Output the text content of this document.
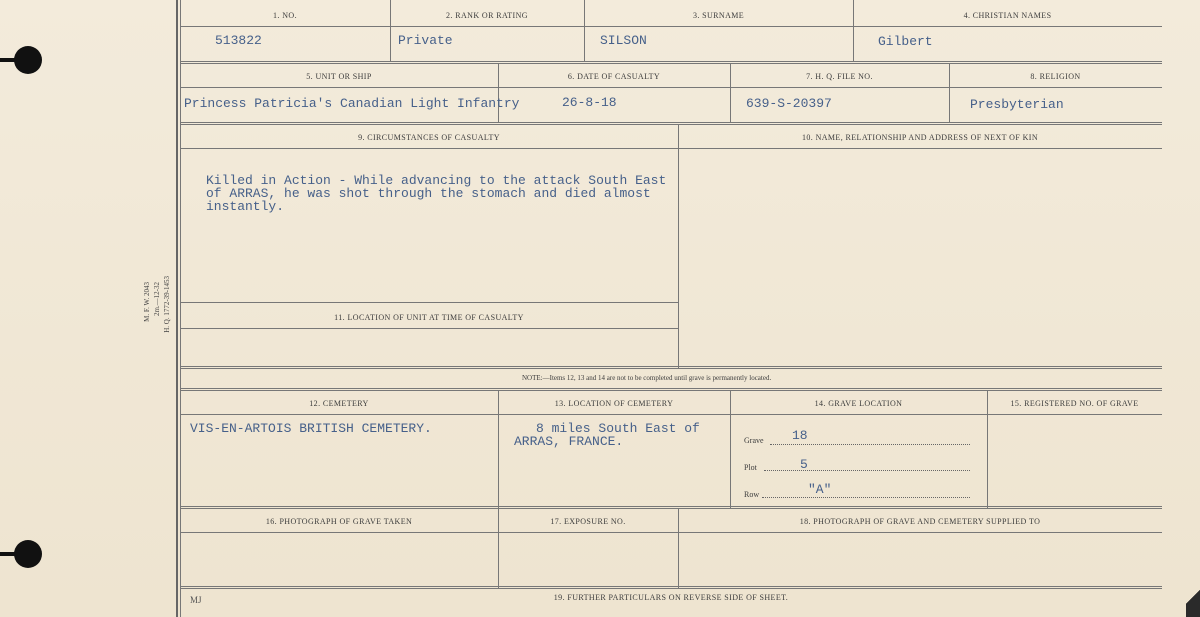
M. F. W. 2043 2m.—12-32 H. Q. 1772-39-1453
1. NO.	2. RANK OR RATING	3. SURNAME	4. CHRISTIAN NAMES
513822	Private	SILSON	Gilbert
5. UNIT OR SHIP	6. DATE OF CASUALTY	7. H. Q. FILE NO.	8. RELIGION
Princess Patricia's Canadian Light Infantry	26-8-18	639-S-20397	Presbyterian
9. CIRCUMSTANCES OF CASUALTY	10. NAME, RELATIONSHIP AND ADDRESS OF NEXT OF KIN
11. LOCATION OF UNIT AT TIME OF CASUALTY
Killed in Action - While advancing to the attack South East of ARRAS, he was shot through the stomach and died almost instantly.
NOTE:—Items 12, 13 and 14 are not to be completed until grave is permanently located.
12. CEMETERY	13. LOCATION OF CEMETERY	14. GRAVE LOCATION	15. REGISTERED NO. OF GRAVE
VIS-EN-ARTOIS BRITISH CEMETERY.	8 miles South East of ARRAS, FRANCE.	Grave 18
Plot	5
Row	"A"
16. PHOTOGRAPH OF GRAVE TAKEN	17. EXPOSURE NO.	18. PHOTOGRAPH OF GRAVE AND CEMETERY SUPPLIED TO
19. FURTHER PARTICULARS ON REVERSE SIDE OF SHEET.
MJ
